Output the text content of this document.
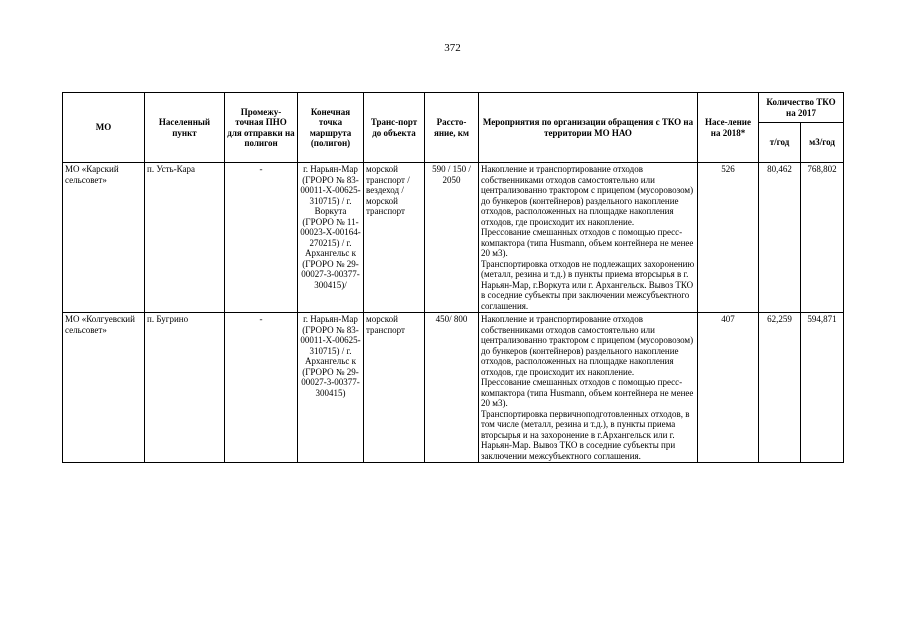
372
МО	Населенный пункт	Промежу-точная ПНО для отправки на полигон	Конечная точка маршрута (полигон)	Транс-порт до объекта	Рассто-яние, км	Мероприятия по организации обращения с ТКО на территории МО НАО	Насе-ление на 2018*	Количество ТКО на 2017	
								т/год	м3/год
МО «Карский сельсовет»	п. Усть-Кара	-	г. Нарьян-Мар (ГРОРО № 83-00011-Х-00625-310715) / г. Воркута (ГРОРО № 11-00023-Х-00164-270215) / г. Архангельс к (ГРОРО № 29-00027-3-00377-300415)/	морской транспорт / вездеход / морской транспорт	590 / 150 / 2050	Накопление и транспортирование отходов собственниками отходов самостоятельно или централизованно трактором с прицепом (мусоровозом) до бункеров (контейнеров) раздельного накопление отходов, расположенных на площадке накопления отходов, где происходит их накопление.
Прессование смешанных отходов с помощью пресс-компактора (типа Husmann, объем контейнера не менее 20 м3).
Транспортировка отходов не подлежащих захоронению (металл, резина и т.д.) в пункты приема вторсырья в г. Нарьян-Мар, г.Воркута или г. Архангельск. Вывоз ТКО в соседние субъекты при заключении межсубъектного соглашения.	526	80,462	768,802
МО «Колгуевский сельсовет»	п. Бугрино	-	г. Нарьян-Мар (ГРОРО № 83-00011-Х-00625-310715) / г. Архангельс к (ГРОРО № 29-00027-3-00377-300415)	морской транспорт	450/ 800	Накопление и транспортирование отходов собственниками отходов самостоятельно или централизованно трактором с прицепом (мусоровозом) до бункеров (контейнеров) раздельного накопление отходов, расположенных на площадке накопления отходов, где происходит их накопление.
Прессование смешанных отходов с помощью пресс-компактора (типа Husmann, объем контейнера не менее 20 м3).
Транспортировка первичноподготовленных отходов, в том числе (металл, резина и т.д.), в пункты приема вторсырья и на захоронение в г.Архангельск или г. Нарьян-Мар. Вывоз ТКО в соседние субъекты при заключении межсубъектного соглашения.	407	62,259	594,871
